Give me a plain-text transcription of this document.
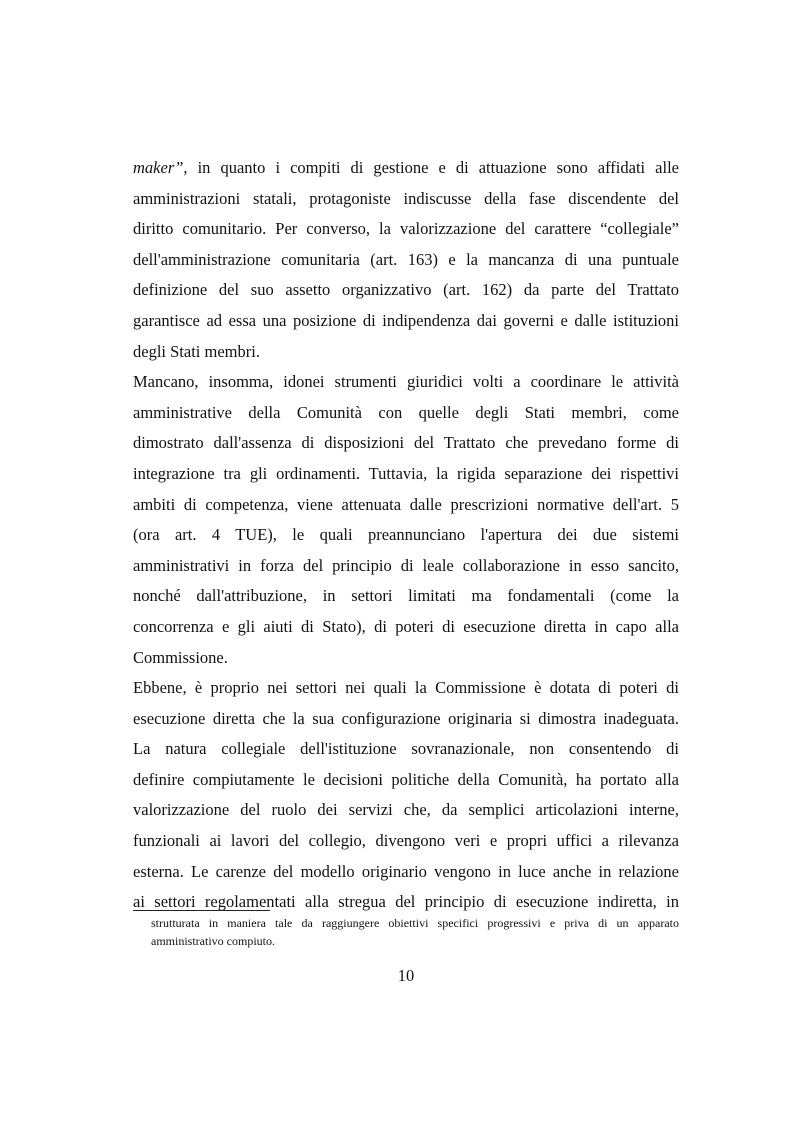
maker”, in quanto i compiti di gestione e di attuazione sono affidati alle
amministrazioni statali, protagoniste indiscusse della fase discendente del
diritto comunitario. Per converso, la valorizzazione del carattere “collegiale”
dell'amministrazione comunitaria (art. 163) e la mancanza di una puntuale
definizione del suo assetto organizzativo (art. 162) da parte del Trattato
garantisce ad essa una posizione di indipendenza dai governi e dalle istituzioni
degli Stati membri.
Mancano, insomma, idonei strumenti giuridici volti a coordinare le attività
amministrative della Comunità con quelle degli Stati membri, come
dimostrato dall'assenza di disposizioni del Trattato che prevedano forme di
integrazione tra gli ordinamenti. Tuttavia, la rigida separazione dei rispettivi
ambiti di competenza, viene attenuata dalle prescrizioni normative dell'art. 5
(ora art. 4 TUE), le quali preannunciano l'apertura dei due sistemi
amministrativi in forza del principio di leale collaborazione in esso sancito,
nonché dall'attribuzione, in settori limitati ma fondamentali (come la
concorrenza e gli aiuti di Stato), di poteri di esecuzione diretta in capo alla
Commissione.
Ebbene, è proprio nei settori nei quali la Commissione è dotata di poteri di
esecuzione diretta che la sua configurazione originaria si dimostra inadeguata.
La natura collegiale dell'istituzione sovranazionale, non consentendo di
definire compiutamente le decisioni politiche della Comunità, ha portato alla
valorizzazione del ruolo dei servizi che, da semplici articolazioni interne,
funzionali ai lavori del collegio, divengono veri e propri uffici a rilevanza
esterna. Le carenze del modello originario vengono in luce anche in relazione
ai settori regolamentati alla stregua del principio di esecuzione indiretta, in
strutturata in maniera tale da raggiungere obiettivi specifici progressivi e priva di un apparato
amministrativo compiuto.
10
